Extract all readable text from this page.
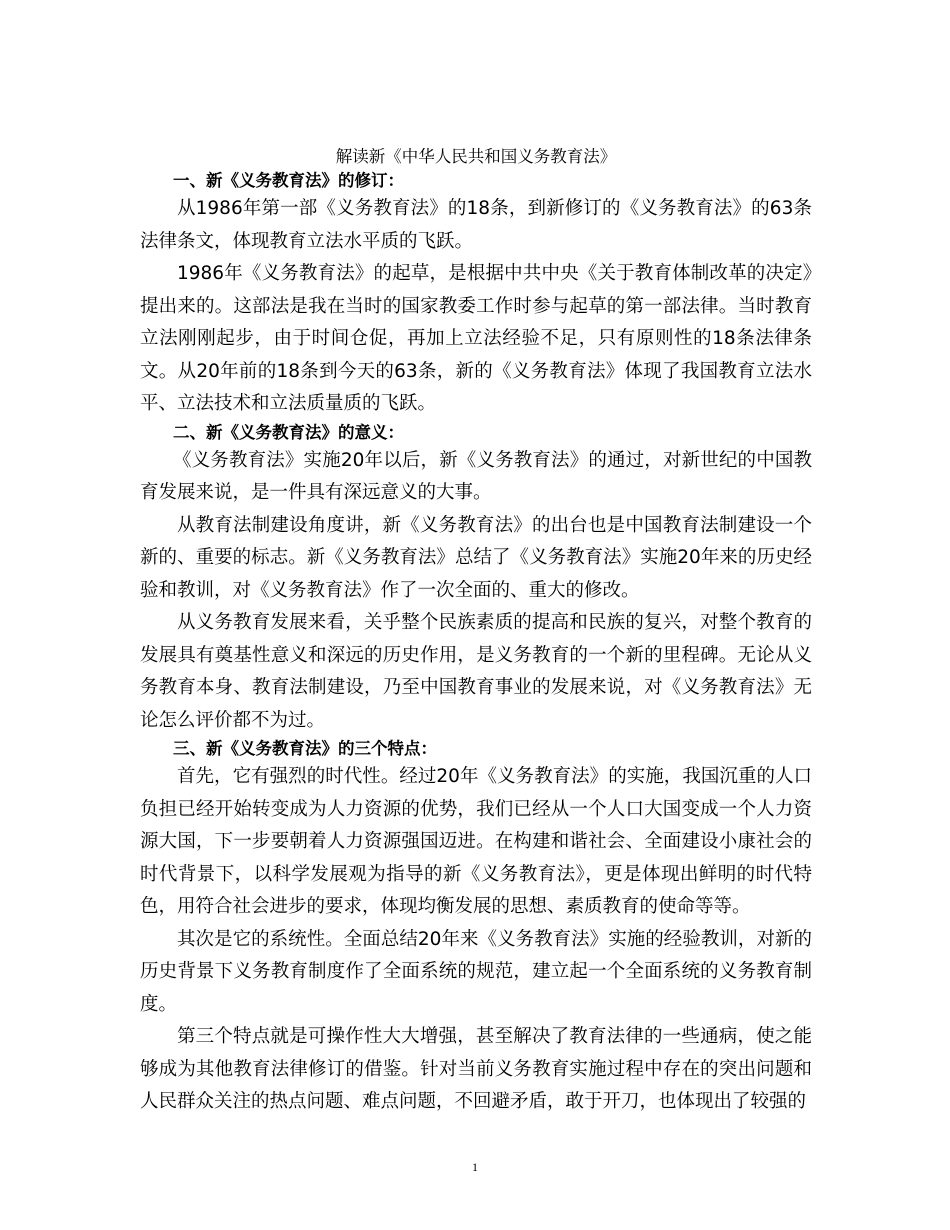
解读新《中华人民共和国义务教育法》
一、新《义务教育法》的修订：

从1986年第一部《义务教育法》的18条，到新修订的《义务教育法》的63条法律条文，体现教育立法水平质的飞跃。

1986年《义务教育法》的起草，是根据中共中央《关于教育体制改革的决定》提出来的。这部法是我在当时的国家教委工作时参与起草的第一部法律。当时教育立法刚刚起步，由于时间仓促，再加上立法经验不足，只有原则性的18条法律条文。从20年前的18条到今天的63条，新的《义务教育法》体现了我国教育立法水平、立法技术和立法质量质的飞跃。

二、新《义务教育法》的意义：

《义务教育法》实施20年以后，新《义务教育法》的通过，对新世纪的中国教育发展来说，是一件具有深远意义的大事。

从教育法制建设角度讲，新《义务教育法》的出台也是中国教育法制建设一个新的、重要的标志。新《义务教育法》总结了《义务教育法》实施20年来的历史经验和教训，对《义务教育法》作了一次全面的、重大的修改。

从义务教育发展来看，关乎整个民族素质的提高和民族的复兴，对整个教育的发展具有奠基性意义和深远的历史作用，是义务教育的一个新的里程碑。无论从义务教育本身、教育法制建设，乃至中国教育事业的发展来说，对《义务教育法》无论怎么评价都不为过。

三、新《义务教育法》的三个特点：

首先，它有强烈的时代性。经过20年《义务教育法》的实施，我国沉重的人口负担已经开始转变成为人力资源的优势，我们已经从一个人口大国变成一个人力资源大国，下一步要朝着人力资源强国迈进。在构建和谐社会、全面建设小康社会的时代背景下，以科学发展观为指导的新《义务教育法》，更是体现出鲜明的时代特色，用符合社会进步的要求，体现均衡发展的思想、素质教育的使命等等。

其次是它的系统性。全面总结20年来《义务教育法》实施的经验教训，对新的历史背景下义务教育制度作了全面系统的规范，建立起一个全面系统的义务教育制度。

第三个特点就是可操作性大大增强，甚至解决了教育法律的一些通病，使之能够成为其他教育法律修订的借鉴。针对当前义务教育实施过程中存在的突出问题和人民群众关注的热点问题、难点问题，不回避矛盾，敢于开刀，也体现出了较强的

1
